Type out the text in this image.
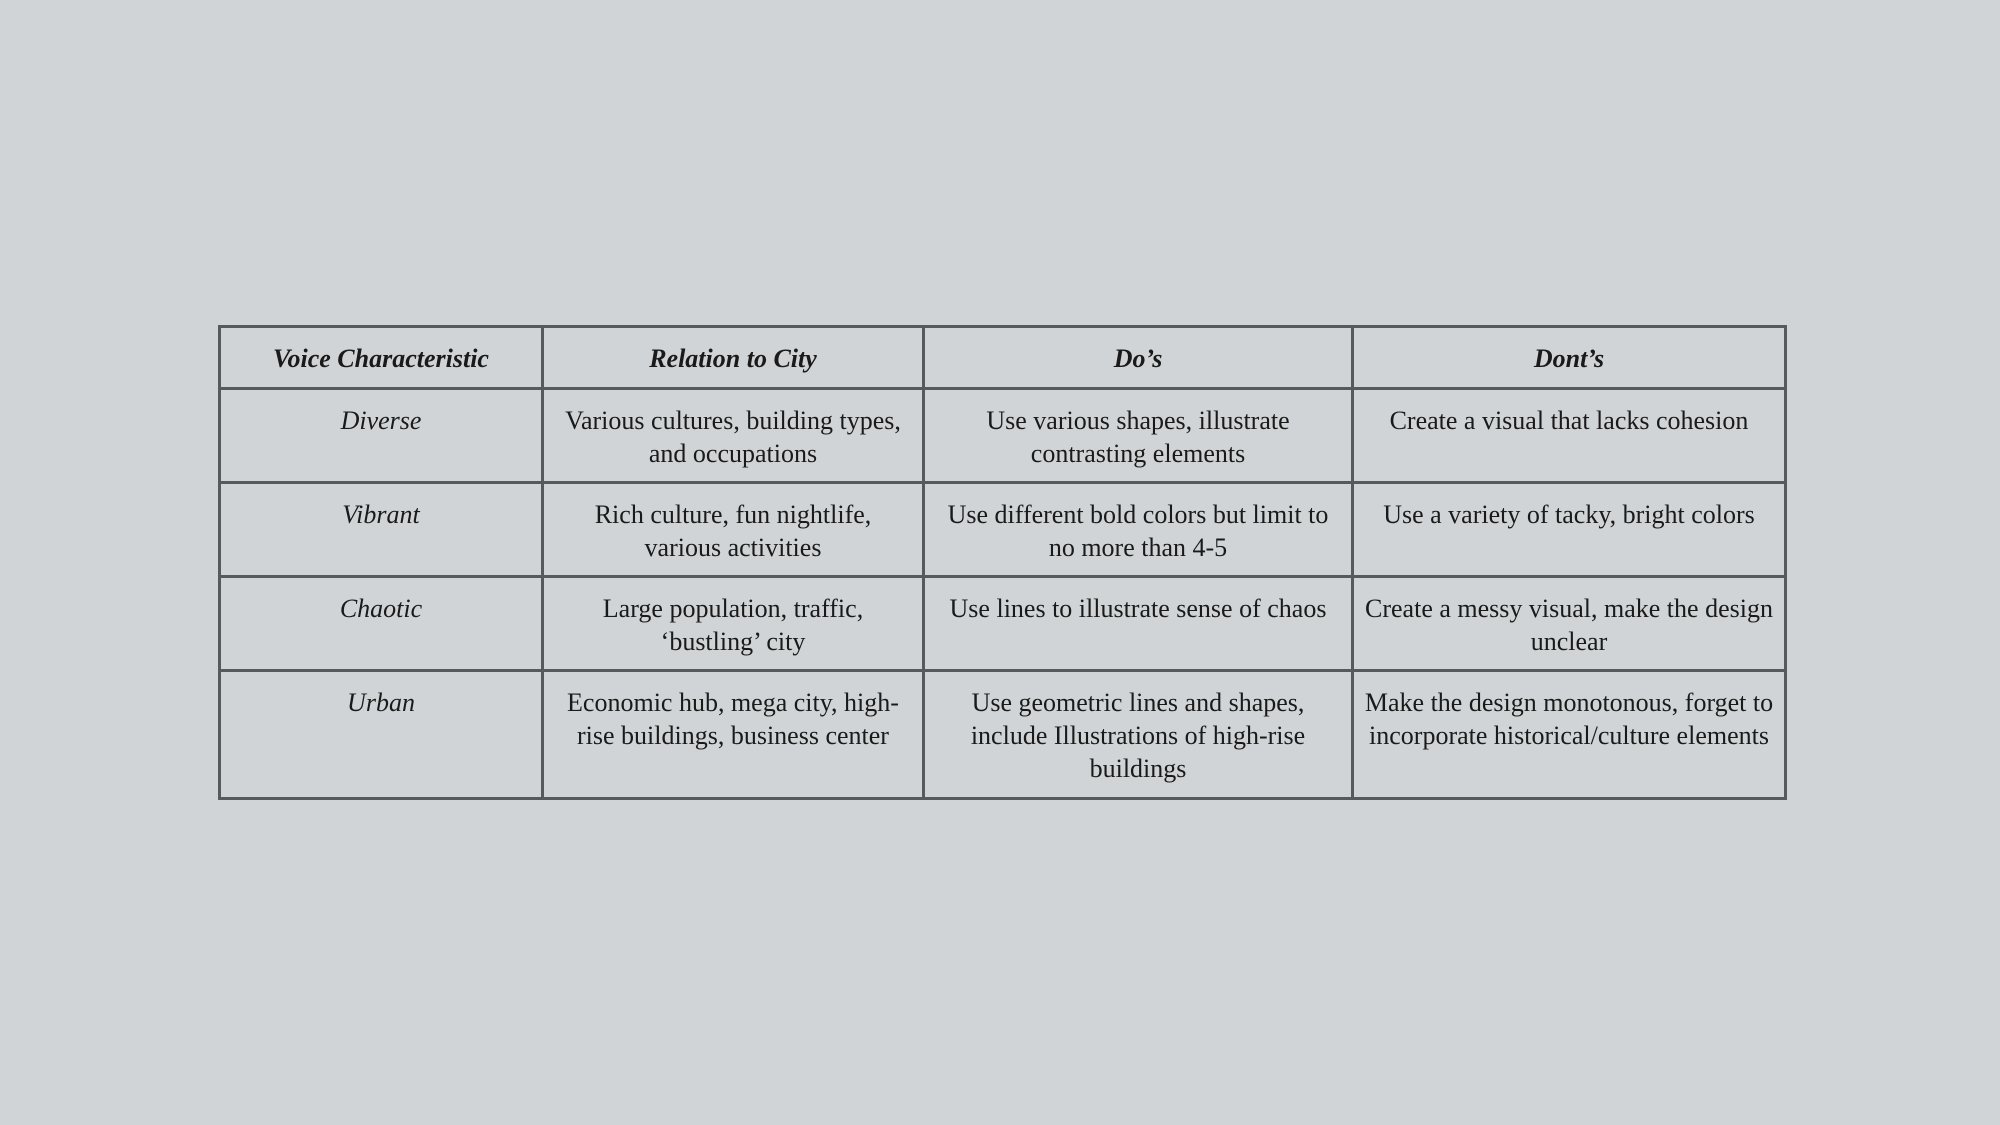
Voice Characteristic	Relation to City	Do’s	Dont’s
Diverse	Various cultures, building types, and occupations	Use various shapes, illustrate contrasting elements	Create a visual that lacks cohesion
Vibrant	Rich culture, fun nightlife, various activities	Use different bold colors but limit to no more than 4-5	Use a variety of tacky, bright colors
Chaotic	Large population, traffic, ‘bustling’ city	Use lines to illustrate sense of chaos	Create a messy visual, make the design unclear
Urban	Economic hub, mega city, high-rise buildings, business center	Use geometric lines and shapes, include Illustrations of high-rise buildings	Make the design monotonous, forget to incorporate historical/culture elements
